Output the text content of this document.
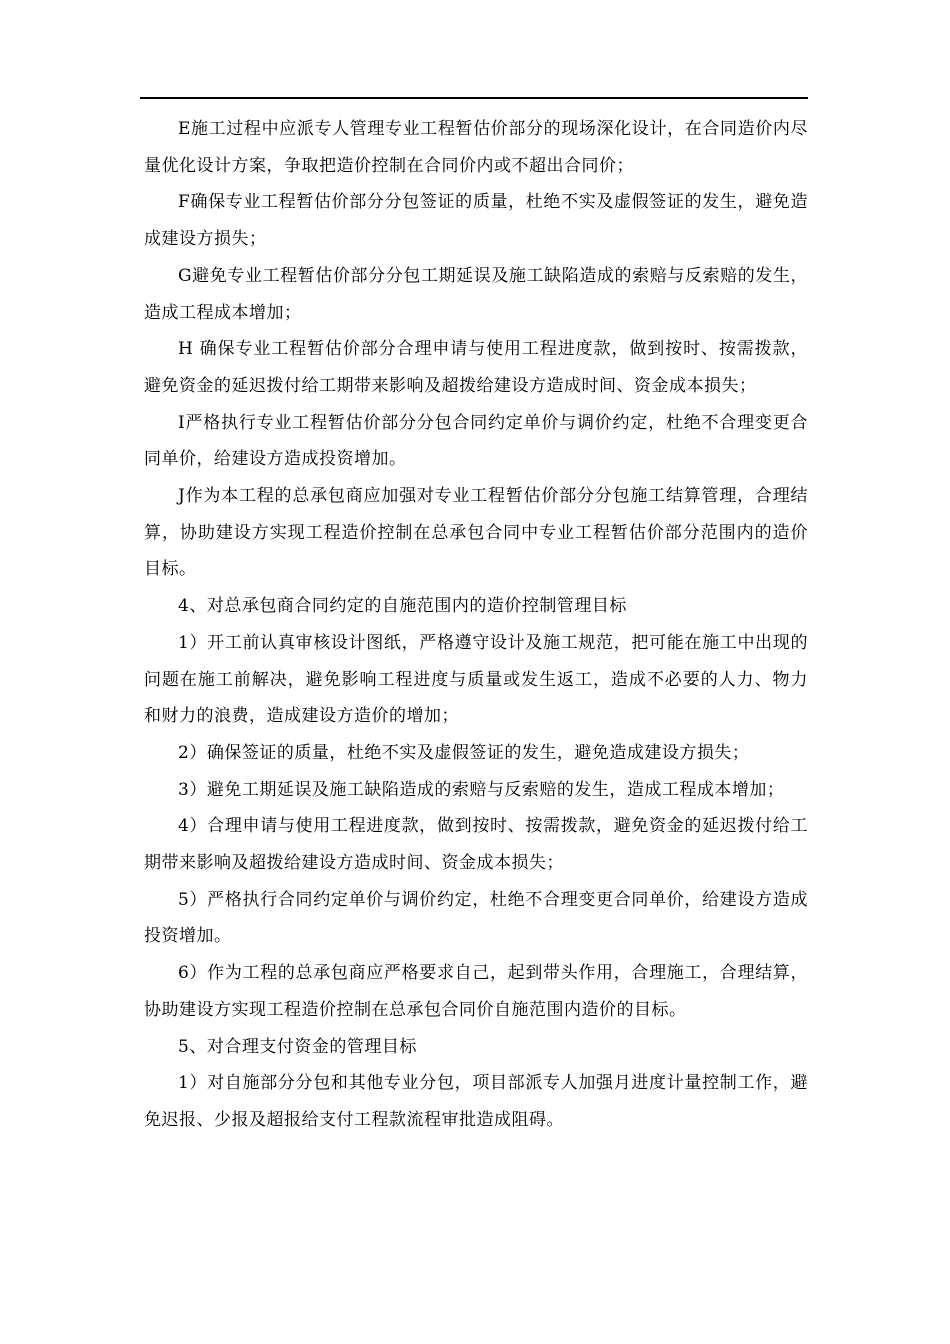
E施工过程中应派专人管理专业工程暂估价部分的现场深化设计，在合同造价内尽量优化设计方案，争取把造价控制在合同价内或不超出合同价；

F确保专业工程暂估价部分分包签证的质量，杜绝不实及虚假签证的发生，避免造成建设方损失；

G避免专业工程暂估价部分分包工期延误及施工缺陷造成的索赔与反索赔的发生，造成工程成本增加；

H 确保专业工程暂估价部分合理申请与使用工程进度款，做到按时、按需拨款，避免资金的延迟拨付给工期带来影响及超拨给建设方造成时间、资金成本损失；

I严格执行专业工程暂估价部分分包合同约定单价与调价约定，杜绝不合理变更合同单价，给建设方造成投资增加。

J作为本工程的总承包商应加强对专业工程暂估价部分分包施工结算管理，合理结算，协助建设方实现工程造价控制在总承包合同中专业工程暂估价部分范围内的造价目标。

4、对总承包商合同约定的自施范围内的造价控制管理目标

1）开工前认真审核设计图纸，严格遵守设计及施工规范，把可能在施工中出现的问题在施工前解决，避免影响工程进度与质量或发生返工，造成不必要的人力、物力和财力的浪费，造成建设方造价的增加；

2）确保签证的质量，杜绝不实及虚假签证的发生，避免造成建设方损失；

3）避免工期延误及施工缺陷造成的索赔与反索赔的发生，造成工程成本增加；

4）合理申请与使用工程进度款，做到按时、按需拨款，避免资金的延迟拨付给工期带来影响及超拨给建设方造成时间、资金成本损失；

5）严格执行合同约定单价与调价约定，杜绝不合理变更合同单价，给建设方造成投资增加。

6）作为工程的总承包商应严格要求自己，起到带头作用，合理施工，合理结算，协助建设方实现工程造价控制在总承包合同价自施范围内造价的目标。

5、对合理支付资金的管理目标

1）对自施部分分包和其他专业分包，项目部派专人加强月进度计量控制工作，避免迟报、少报及超报给支付工程款流程审批造成阻碍。
